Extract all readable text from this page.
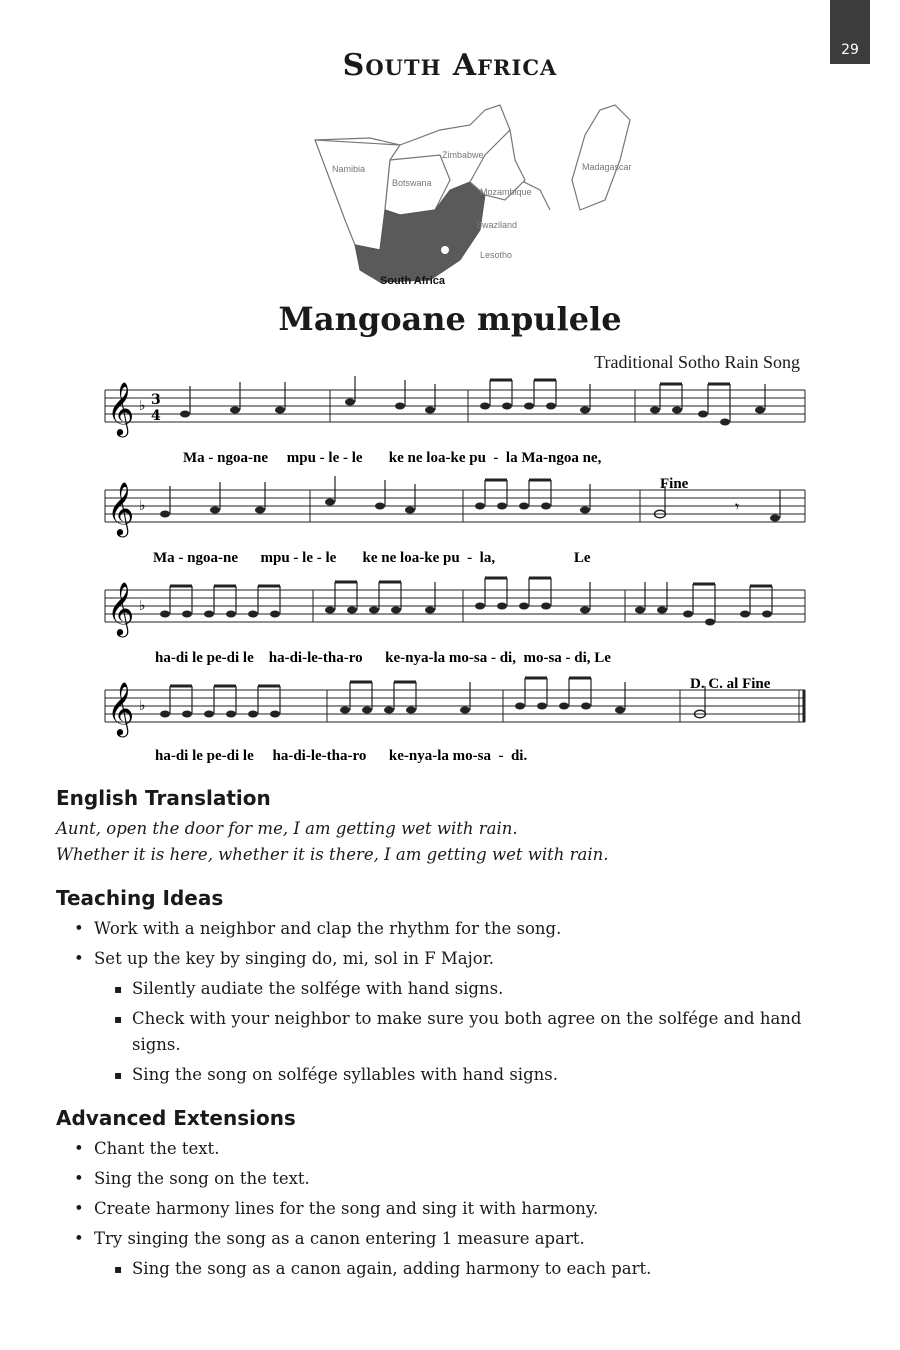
29
South Africa
Namibia
Botswana
Zimbabwe
Mozambique
Madagascar
Swaziland
Lesotho
South Africa
Mangoane mpulele
Traditional Sotho Rain Song
𝄞 ♭ 3
4
Ma - ngoa-ne     mpu - le - le       ke ne loa-ke pu  -  la Ma-ngoa ne,
𝄞 ♭
Fine
𝄾
Ma - ngoa-ne      mpu - le - le       ke ne loa-ke pu  -  la,                     Le
𝄞 ♭
ha-di le pe-di le    ha-di-le-tha-ro      ke-nya-la mo-sa - di,  mo-sa - di, Le
𝄞 ♭
D. C. al Fine
ha-di le pe-di le     ha-di-le-tha-ro      ke-nya-la mo-sa  -  di.
English Translation
Aunt, open the door for me, I am getting wet with rain.
Whether it is here, whether it is there, I am getting wet with rain.
Teaching Ideas
• Work with a neighbor and clap the rhythm for the song.
• Set up the key by singing do, mi, sol in F Major.
▪ Silently audiate the solfége with hand signs.
▪ Check with your neighbor to make sure you both agree on the solfége and hand signs.
▪ Sing the song on solfége syllables with hand signs.
Advanced Extensions
• Chant the text.
• Sing the song on the text.
• Create harmony lines for the song and sing it with harmony.
• Try singing the song as a canon entering 1 measure apart.
▪ Sing the song as a canon again, adding harmony to each part.
